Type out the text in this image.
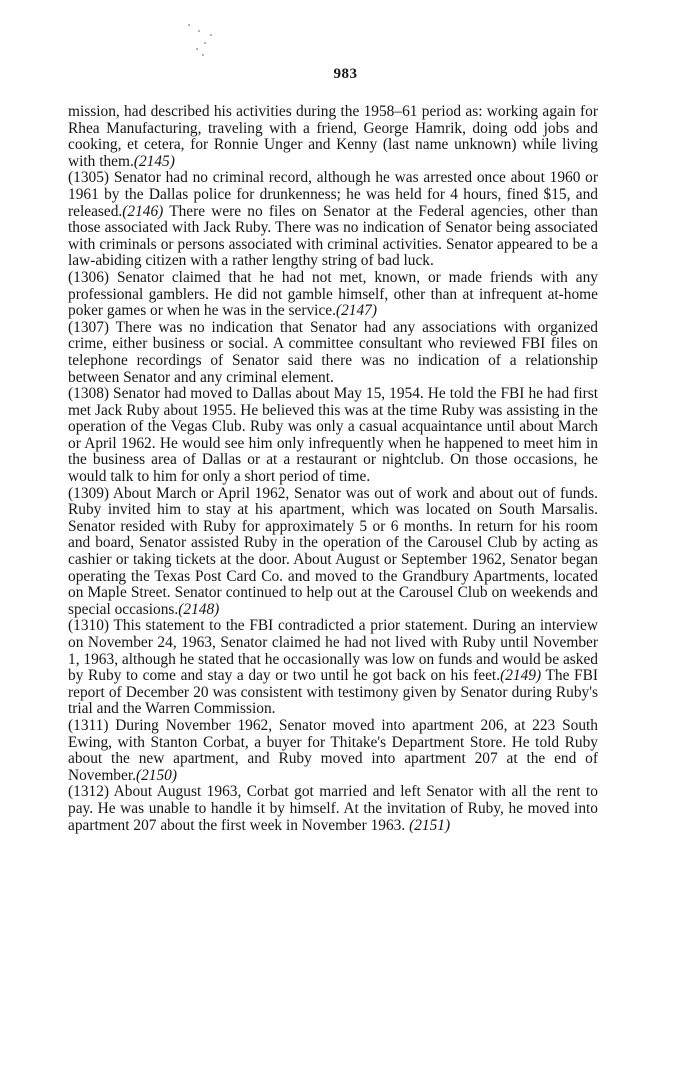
983

mission, had described his activities during the 1958–61 period as: working again for Rhea Manufacturing, traveling with a friend, George Hamrik, doing odd jobs and cooking, et cetera, for Ronnie Unger and Kenny (last name unknown) while living with them.(2145)

(1305) Senator had no criminal record, although he was arrested once about 1960 or 1961 by the Dallas police for drunkenness; he was held for 4 hours, fined $15, and released.(2146) There were no files on Senator at the Federal agencies, other than those associated with Jack Ruby. There was no indication of Senator being associated with criminals or persons associated with criminal activities. Senator appeared to be a law-abiding citizen with a rather lengthy string of bad luck.

(1306) Senator claimed that he had not met, known, or made friends with any professional gamblers. He did not gamble himself, other than at infrequent at-home poker games or when he was in the service.(2147)

(1307) There was no indication that Senator had any associations with organized crime, either business or social. A committee consultant who reviewed FBI files on telephone recordings of Senator said there was no indication of a relationship between Senator and any criminal element.

(1308) Senator had moved to Dallas about May 15, 1954. He told the FBI he had first met Jack Ruby about 1955. He believed this was at the time Ruby was assisting in the operation of the Vegas Club. Ruby was only a casual acquaintance until about March or April 1962. He would see him only infrequently when he happened to meet him in the business area of Dallas or at a restaurant or nightclub. On those occasions, he would talk to him for only a short period of time.

(1309) About March or April 1962, Senator was out of work and about out of funds. Ruby invited him to stay at his apartment, which was located on South Marsalis. Senator resided with Ruby for approximately 5 or 6 months. In return for his room and board, Senator assisted Ruby in the operation of the Carousel Club by acting as cashier or taking tickets at the door. About August or September 1962, Senator began operating the Texas Post Card Co. and moved to the Grandbury Apartments, located on Maple Street. Senator continued to help out at the Carousel Club on weekends and special occasions.(2148)

(1310) This statement to the FBI contradicted a prior statement. During an interview on November 24, 1963, Senator claimed he had not lived with Ruby until November 1, 1963, although he stated that he occasionally was low on funds and would be asked by Ruby to come and stay a day or two until he got back on his feet.(2149) The FBI report of December 20 was consistent with testimony given by Senator during Ruby's trial and the Warren Commission.

(1311) During November 1962, Senator moved into apartment 206, at 223 South Ewing, with Stanton Corbat, a buyer for Thitake's Department Store. He told Ruby about the new apartment, and Ruby moved into apartment 207 at the end of November.(2150)

(1312) About August 1963, Corbat got married and left Senator with all the rent to pay. He was unable to handle it by himself. At the invitation of Ruby, he moved into apartment 207 about the first week in November 1963. (2151)
